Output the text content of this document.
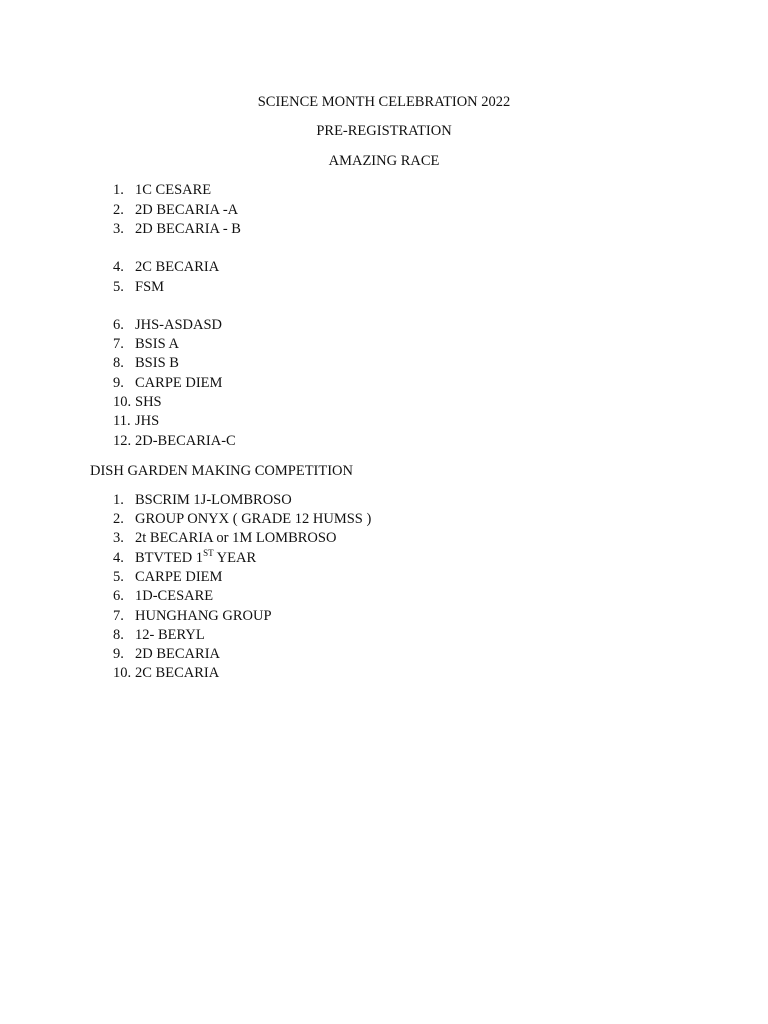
SCIENCE MONTH CELEBRATION 2022
PRE-REGISTRATION
AMAZING RACE
1. 1C CESARE
2. 2D BECARIA -A
3. 2D BECARIA - B
4. 2C BECARIA
5. FSM
6. JHS-ASDASD
7. BSIS A
8. BSIS B
9. CARPE DIEM
10. SHS
11. JHS
12. 2D-BECARIA-C
DISH GARDEN MAKING COMPETITION
1. BSCRIM 1J-LOMBROSO
2. GROUP ONYX ( GRADE 12 HUMSS )
3. 2t BECARIA or 1M LOMBROSO
4. BTVTED 1ST YEAR
5. CARPE DIEM
6. 1D-CESARE
7. HUNGHANG GROUP
8. 12- BERYL
9. 2D BECARIA
10. 2C BECARIA
